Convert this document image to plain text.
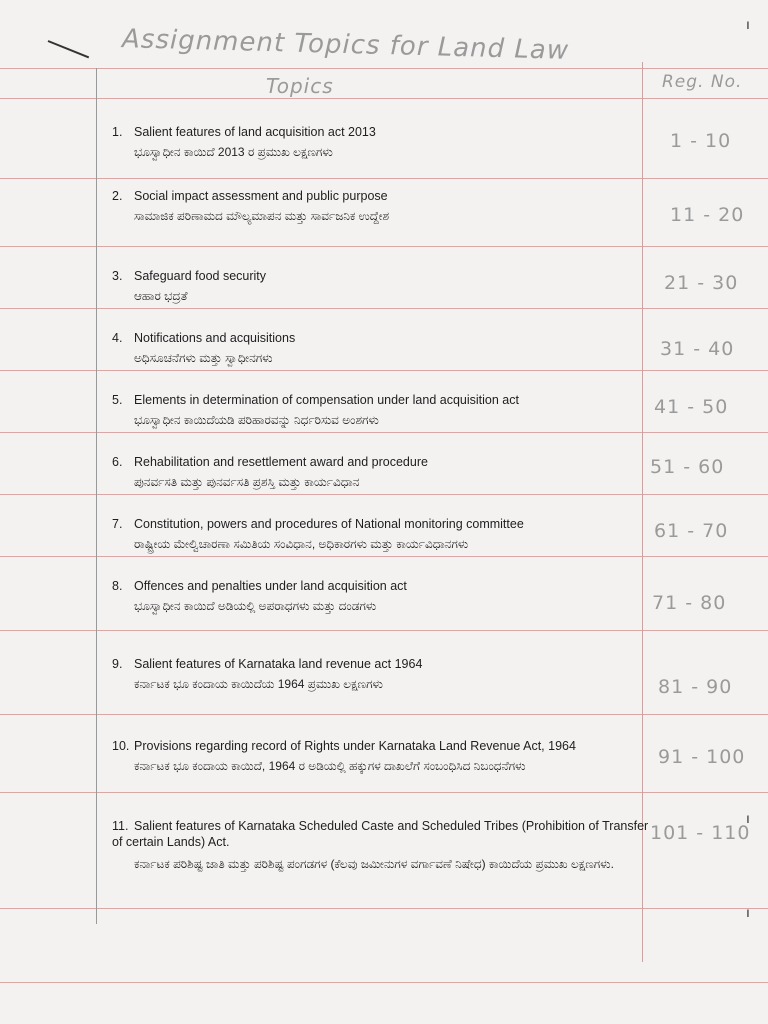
Assignment Topics for Land Law
Topics	Reg. No.
1. Salient features of land acquisition act 2013
ಭೂಸ್ವಾಧೀನ ಕಾಯಿದೆ 2013 ರ ಪ್ರಮುಖ ಲಕ್ಷಣಗಳು	1 - 10
2. Social impact assessment and public purpose
ಸಾಮಾಜಿಕ ಪರಿಣಾಮದ ಮೌಲ್ಯಮಾಪನ ಮತ್ತು ಸಾರ್ವಜನಿಕ ಉದ್ದೇಶ	11 - 20
3. Safeguard food security
ಆಹಾರ ಭದ್ರತೆ
21 - 30
4. Notifications and acquisitions
ಅಧಿಸೂಚನೆಗಳು ಮತ್ತು ಸ್ವಾಧೀನಗಳು	31 - 40
5. Elements in determination of compensation under land acquisition act
ಭೂಸ್ವಾಧೀನ ಕಾಯಿದೆಯಡಿ ಪರಿಹಾರವನ್ನು ನಿರ್ಧರಿಸುವ ಅಂಶಗಳು
41 - 50
6. Rehabilitation and resettlement award and procedure
ಪುನರ್ವಸತಿ ಮತ್ತು ಪುನರ್ವಸತಿ ಪ್ರಶಸ್ತಿ ಮತ್ತು ಕಾರ್ಯವಿಧಾನ
51 - 60
7. Constitution, powers and procedures of National monitoring committee
ರಾಷ್ಟ್ರೀಯ ಮೇಲ್ವಿಚಾರಣಾ ಸಮಿತಿಯ ಸಂವಿಧಾನ, ಅಧಿಕಾರಗಳು ಮತ್ತು ಕಾರ್ಯವಿಧಾನಗಳು
61 - 70
8. Offences and penalties under land acquisition act
ಭೂಸ್ವಾಧೀನ ಕಾಯಿದೆ ಅಡಿಯಲ್ಲಿ ಅಪರಾಧಗಳು ಮತ್ತು ದಂಡಗಳು	71 - 80
9. Salient features of Karnataka land revenue act 1964
ಕರ್ನಾಟಕ ಭೂ ಕಂದಾಯ ಕಾಯಿದೆಯ 1964 ಪ್ರಮುಖ ಲಕ್ಷಣಗಳು	81 - 90
10. Provisions regarding record of Rights under Karnataka Land Revenue Act, 1964
ಕರ್ನಾಟಕ ಭೂ ಕಂದಾಯ ಕಾಯಿದೆ, 1964 ರ ಅಡಿಯಲ್ಲಿ ಹಕ್ಕುಗಳ ದಾಖಲೆಗೆ ಸಂಬಂಧಿಸಿದ ನಿಬಂಧನೆಗಳು	91 - 100
11. Salient features of Karnataka Scheduled Caste and Scheduled Tribes (Prohibition of Transfer of certain Lands) Act.
ಕರ್ನಾಟಕ ಪರಿಶಿಷ್ಟ ಜಾತಿ ಮತ್ತು ಪರಿಶಿಷ್ಟ ಪಂಗಡಗಳ (ಕೆಲವು ಜಮೀನುಗಳ ವರ್ಗಾವಣೆ ನಿಷೇಧ) ಕಾಯಿದೆಯ ಪ್ರಮುಖ ಲಕ್ಷಣಗಳು.
101 - 110
ı
ı
ı
